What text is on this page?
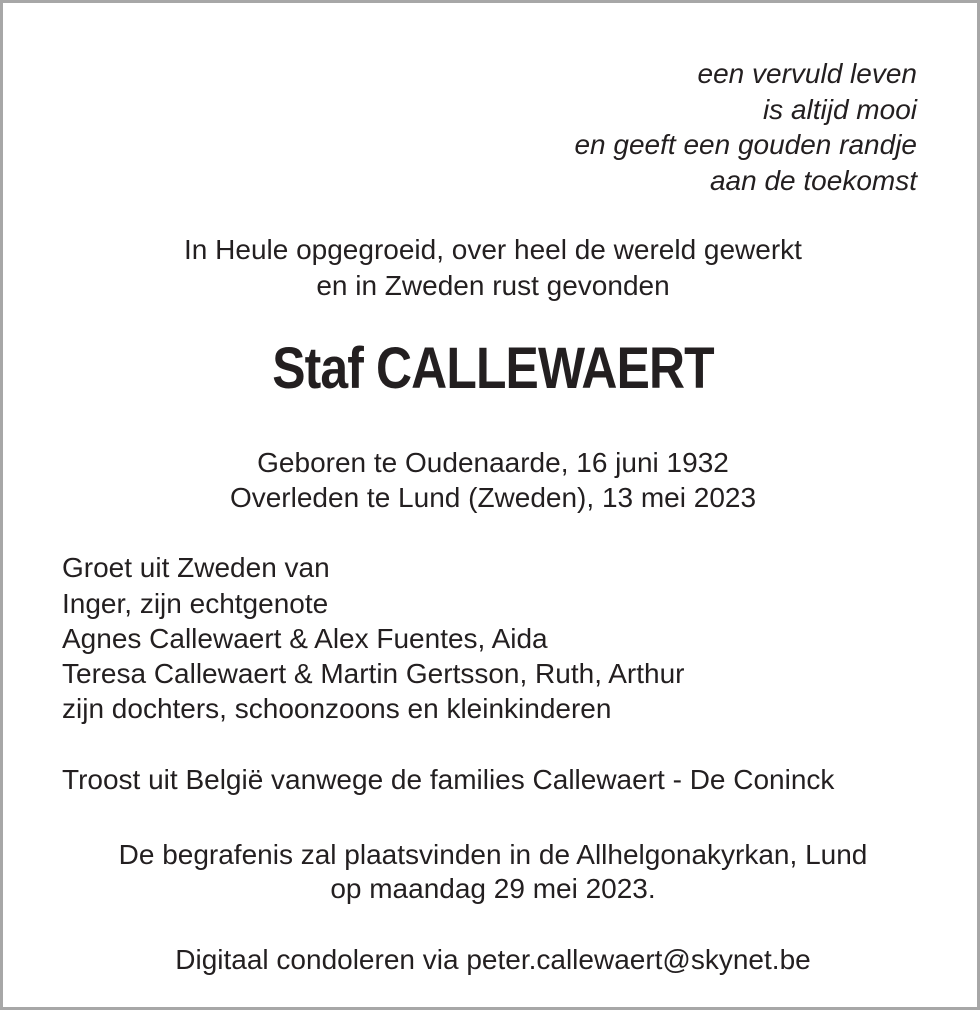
een vervuld leven
is altijd mooi
en geeft een gouden randje
aan de toekomst
In Heule opgegroeid, over heel de wereld gewerkt
en in Zweden rust gevonden
Staf CALLEWAERT
Geboren te Oudenaarde, 16 juni 1932
Overleden te Lund (Zweden), 13 mei 2023
Groet uit Zweden van
Inger, zijn echtgenote
Agnes Callewaert & Alex Fuentes, Aida
Teresa Callewaert & Martin Gertsson, Ruth, Arthur
zijn dochters, schoonzoons en kleinkinderen
Troost uit België vanwege de families Callewaert - De Coninck
De begrafenis zal plaatsvinden in de Allhelgonakyrkan, Lund
op maandag 29 mei 2023.
Digitaal condoleren via peter.callewaert@skynet.be
